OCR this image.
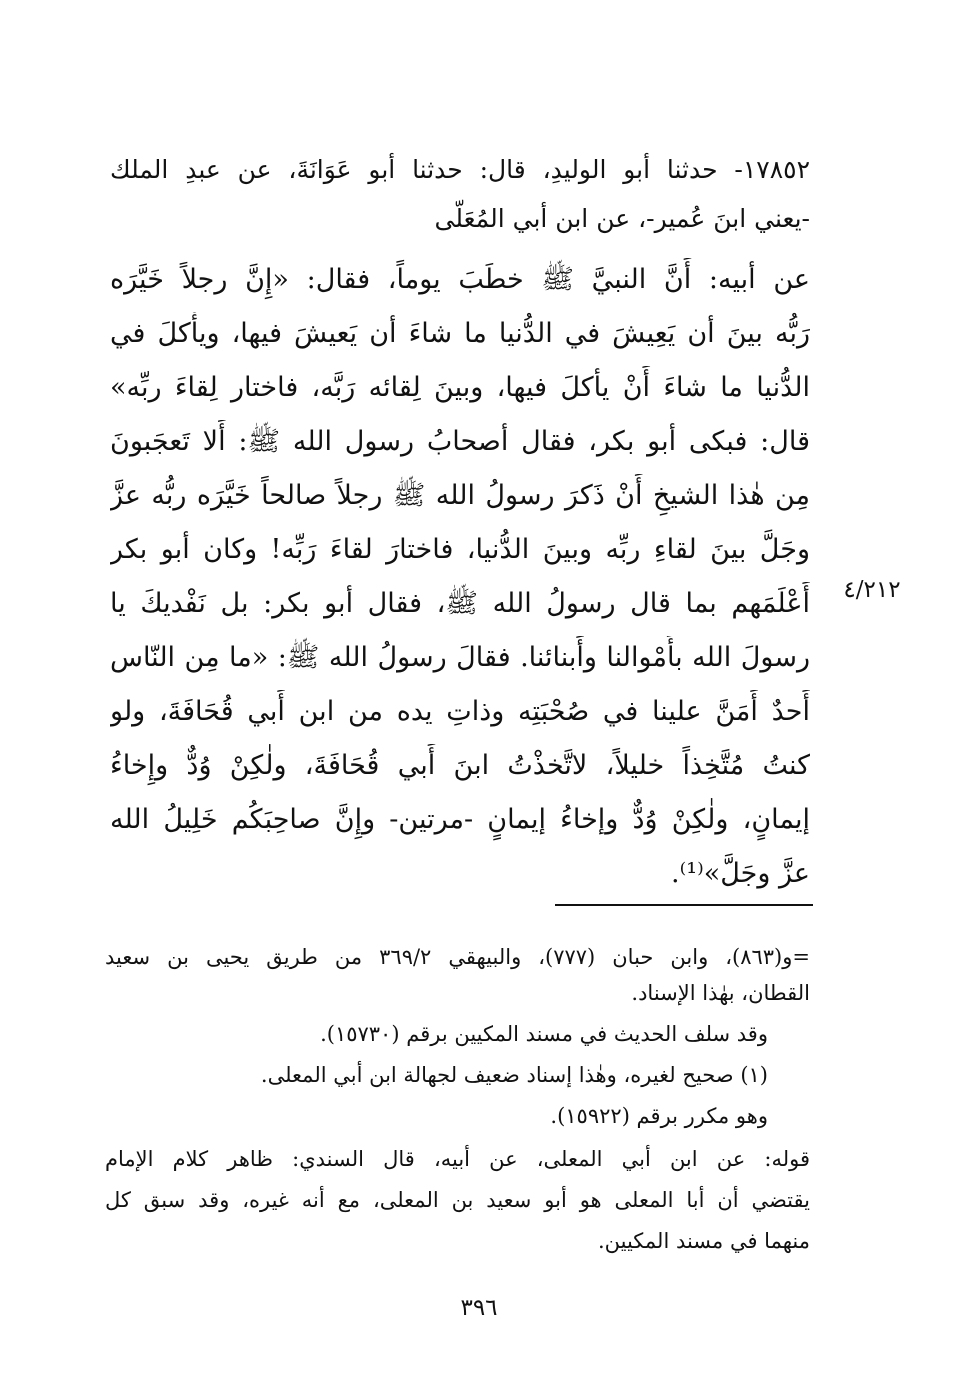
١٧٨٥٢- حدثنا أبو الوليدِ، قال: حدثنا أبو عَوَانَةَ، عن عبدِ الملك
-يعني ابنَ عُمير-، عن ابن أبي المُعَلّى
عن أبيه: أَنَّ النبيَّ ﷺ خطَبَ يوماً، فقال: «إِنَّ رجلاً خَيَّرَه
رَبُّه بينَ أن يَعِيشَ في الدُّنيا ما شاءَ أن يَعيشَ فيها، ويأْكلَ في
الدُّنيا ما شاءَ أَنْ يأكلَ فيها، وبينَ لِقائه رَبَّه، فاختار لِقاءَ ربِّه»
قال: فبكى أبو بكر، فقال أصحابُ رسول الله ﷺ: أَلا تَعجَبونَ
مِن هٰذا الشيخِ أَنْ ذَكرَ رسولُ الله ﷺ رجلاً صالحاً خَيَّرَه ربُّه عزَّ
وجَلَّ بينَ لقاءِ ربِّه وبينَ الدُّنيا، فاختارَ لقاءَ رَبِّه! وكان أبو بكر
أَعْلَمَهم بما قال رسولُ الله ﷺ، فقال أبو بكر: بل نَفْديكَ يا
رسولَ الله بأَمْوالنا وأَبنائنا. فقالَ رسولُ الله ﷺ: «ما مِن النّاس
أَحدٌ أَمَنَّ علينا في صُحْبَتِه وذاتِ يده من ابن أَبي قُحَافَةَ، ولو
كنتُ مُتَّخِذاً خليلاً، لاتَّخذْتُ ابنَ أَبي قُحَافَةَ، ولٰكِنْ وُدٌّ وإِخاءُ
إيمانٍ، ولٰكِنْ وُدٌّ وإخاءُ إيمانٍ -مرتين- وإِنَّ صاحِبَكُم خَلِيلُ الله
عزَّ وجَلَّ»⁽¹⁾.
٤/٢١٢
=و(٨٦٣)، وابن حبان (٧٧٧)، والبيهقي ٣٦٩/٢ من طريق يحيى بن سعيد
القطان، بهٰذا الإسناد.
وقد سلف الحديث في مسند المكيين برقم (١٥٧٣٠).
(١) صحيح لغيره، وهٰذا إسناد ضعيف لجهالة ابن أبي المعلى.
وهو مكرر برقم (١٥٩٢٢).
قوله: عن ابن أبي المعلى، عن أبيه، قال السندي: ظاهر كلام الإمام
يقتضي أن أبا المعلى هو أبو سعيد بن المعلى، مع أنه غيره، وقد سبق كل
منهما في مسند المكيين.
٣٩٦
